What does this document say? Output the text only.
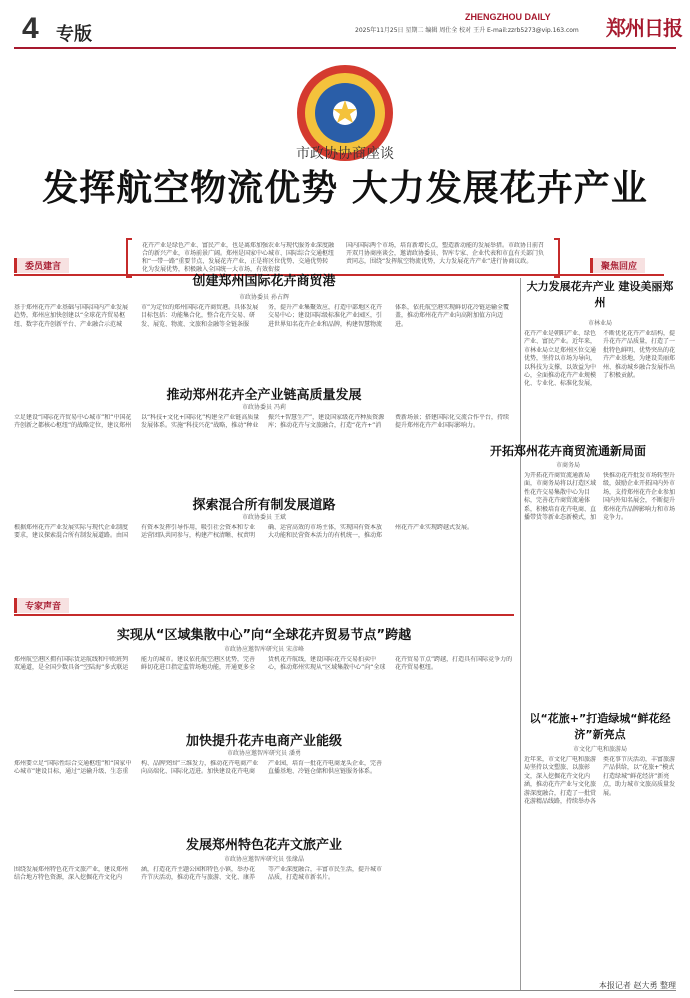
4 专版
ZHENGZHOU DAILY	郑州日报
2025年11月25日 星期二 编辑 周仕全 校对 王升 E-mail:zzrb5273@vip.163.com
市政协协商座谈
发挥航空物流优势 大力发展花卉产业
花卉产业是绿色产业、富民产业，也是离郑加强农业与现代服务业深度融合的新兴产业，市场前景广阔。郑州是国家中心城市、国际综合交通枢纽和“一带一路”重要节点，发展花卉产业，正是将区位优势、交通优势转化为发展优势，积极融入全国统一大市场，有效衔接
国内国际两个市场，培育新增长点，塑造新动能的发展举措。市政协日前召开双月协商座谈会，邀请政协委员、智库专家、企业代表和市直有关部门负责同志，围绕“发挥航空物流优势，大力发展花卉产业”进行协商议政。
委员建言	聚焦回应
创建郑州国际花卉商贸港
市政协委员 孙占辉
基于郑州花卉产业基础与国际国内产业发展趋势，郑州应加快创建以“全球花卉贸易枢纽、数字花卉创新平台、产业融合示范城市”为定位的郑州国际花卉商贸港。具体发展目标包括：功能集合化，整合花卉交易、研发、展览、物流、文旅和金融等全链条服务，提升产业集聚效应，打造中部地区花卉交易中心；建设国际级标准化产业园区，引进世界知名花卉企业和品牌，构建智慧物流体系，依托航空港实现鲜切花冷链运输全覆盖，推动郑州花卉产业向高附加值方向迈进。
推动郑州花卉全产业链高质量发展
市政协委员 冯莉
立足建设“国际花卉贸易中心城市”和“中国花卉创新之都核心枢纽”的战略定位，建议郑州以“科技+文化+国际化”构建全产业链高质量发展体系。实施“科技兴花”战略，推动“种业振兴+智慧生产”，建设国家级花卉种质资源库；推动花卉与文旅融合，打造“花卉+”消费新场景；搭建国际化交流合作平台，持续提升郑州花卉产业国际影响力。
探索混合所有制发展道路
市政协委员 王斌
根据郑州花卉产业发展实际与现代企业制度要求，建议探索混合所有制发展道路。由国有资本发挥引导作用，吸引社会资本和专业运营团队共同参与，构建产权清晰、权责明确、运营高效的市场主体，实现国有资本放大功能和民营资本活力的有机统一，推动郑州花卉产业实现跨越式发展。
大力发展花卉产业 建设美丽郑州
市林业局
花卉产业是朝阳产业、绿色产业、富民产业。近年来，市林业局立足郑州区位交通优势，坚持以市场为导向，以科技为支撑，以效益为中心，全面推动花卉产业规模化、专业化、标准化发展，不断优化花卉产业结构，提升花卉产品质量，打造了一批特色鲜明、优势突出的花卉产业基地，为建设美丽郑州、推动城乡融合发展作出了积极贡献。
开拓郑州花卉商贸流通新局面
市商务局
为开拓花卉商贸流通新局面，市商务局将以打造区域性花卉交易集散中心为目标，完善花卉商贸流通体系，积极培育花卉电商、直播带货等新业态新模式，加快推动花卉批发市场转型升级，鼓励企业开拓国内外市场，支持郑州花卉企业参加国内外知名展会，不断提升郑州花卉品牌影响力和市场竞争力。
以“花旅+”打造绿城“鲜花经济”新亮点
市文化广电和旅游局
近年来，市文化广电和旅游局坚持以文塑旅、以旅彰文，深入挖掘花卉文化内涵，推动花卉产业与文化旅游深度融合，打造了一批赏花游精品线路，持续举办各类花事节庆活动，丰富旅游产品供给，以“花旅+”模式打造绿城“鲜花经济”新亮点，助力城市文旅高质量发展。
专家声音
实现从“区域集散中心”向“全球花卉贸易节点”跨越
市政协应邀智库研究员 宋彦峰
郑州航空港区拥有国际货运航线和中欧班列双通道，是全国少数具备“空陆海”多式联运能力的城市。建议依托航空港区优势，完善鲜切花进口指定监管场地功能，开通更多全货机花卉航线，建设国际花卉交易拍卖中心，推动郑州实现从“区域集散中心”向“全球花卉贸易节点”跨越，打造具有国际竞争力的花卉贸易枢纽。
加快提升花卉电商产业能级
市政协应邀智库研究员 潘勇
郑州要立足“国际性综合交通枢纽”和“国家中心城市”建设目标，通过“运输升级、生态重构、品牌突围”三维发力，推动花卉电商产业向高端化、国际化迈进。加快建设花卉电商产业园，培育一批花卉电商龙头企业，完善直播基地、冷链仓储和供应链服务体系。
发展郑州特色花卉文旅产业
市政协应邀智库研究员 张缘晶
围绕发展郑州特色花卉文旅产业，建议郑州结合地方特色资源，深入挖掘花卉文化内涵，打造花卉主题公园和特色小镇，举办花卉节庆活动，推动花卉与旅游、文化、康养等产业深度融合，丰富市民生活，提升城市品质，打造城市新名片。
本报记者 赵大勇 整理
